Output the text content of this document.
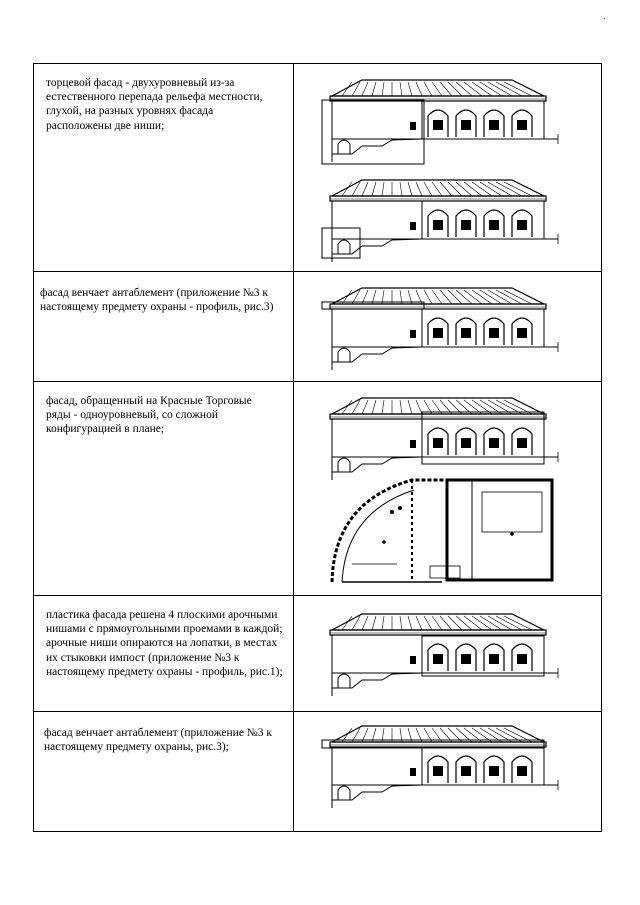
торцевой фасад - двухуровневый из-за естественного перепада рельефа местности, глухой, на разных уровнях фасада расположены две ниши;

фасад венчает антаблемент (приложение №3 к настоящему предмету охраны - профиль, рис.3)

фасад, обращенный на Красные Торговые ряды - одноуровневый, со сложной конфигурацией в плане;

пластика фасада решена 4 плоскими арочными нишами с прямоугольными проемами в каждой; арочные ниши опираются на лопатки, в местах их стыковки импост (приложение №3 к настоящему предмету охраны - профиль, рис.1);

фасад венчает антаблемент (приложение №3 к настоящему предмету охраны, рис.3);
